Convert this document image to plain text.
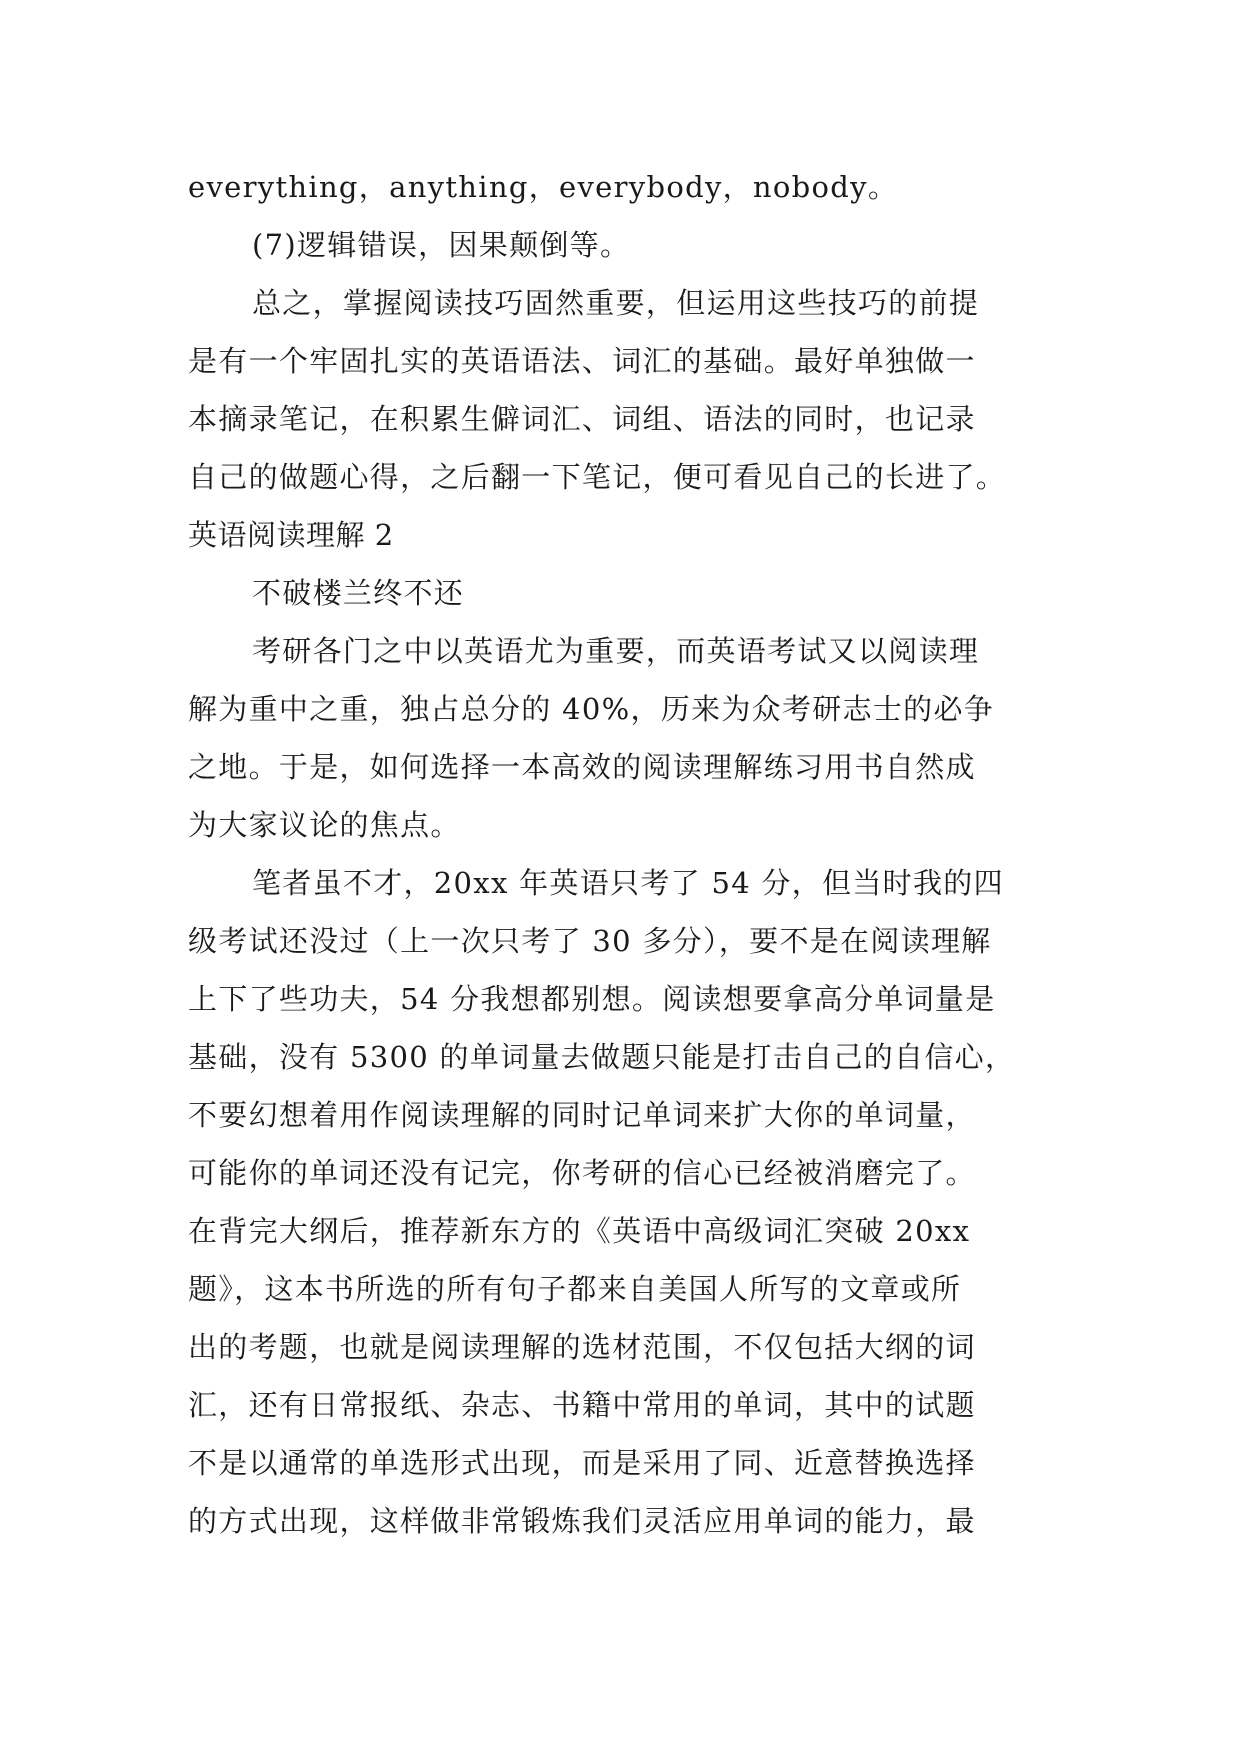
everything，anything，everybody，nobody。
(7)逻辑错误，因果颠倒等。
总之，掌握阅读技巧固然重要，但运用这些技巧的前提
是有一个牢固扎实的英语语法、词汇的基础。最好单独做一
本摘录笔记，在积累生僻词汇、词组、语法的同时，也记录
自己的做题心得，之后翻一下笔记，便可看见自己的长进了。
英语阅读理解 2
不破楼兰终不还
考研各门之中以英语尤为重要，而英语考试又以阅读理
解为重中之重，独占总分的 40%，历来为众考研志士的必争
之地。于是，如何选择一本高效的阅读理解练习用书自然成
为大家议论的焦点。
笔者虽不才，20xx 年英语只考了 54 分，但当时我的四
级考试还没过（上一次只考了 30 多分），要不是在阅读理解
上下了些功夫，54 分我想都别想。阅读想要拿高分单词量是
基础，没有 5300 的单词量去做题只能是打击自己的自信心，
不要幻想着用作阅读理解的同时记单词来扩大你的单词量，
可能你的单词还没有记完，你考研的信心已经被消磨完了。
在背完大纲后，推荐新东方的《英语中高级词汇突破 20xx
题》，这本书所选的所有句子都来自美国人所写的文章或所
出的考题，也就是阅读理解的选材范围，不仅包括大纲的词
汇，还有日常报纸、杂志、书籍中常用的单词，其中的试题
不是以通常的单选形式出现，而是采用了同、近意替换选择
的方式出现，这样做非常锻炼我们灵活应用单词的能力，最
